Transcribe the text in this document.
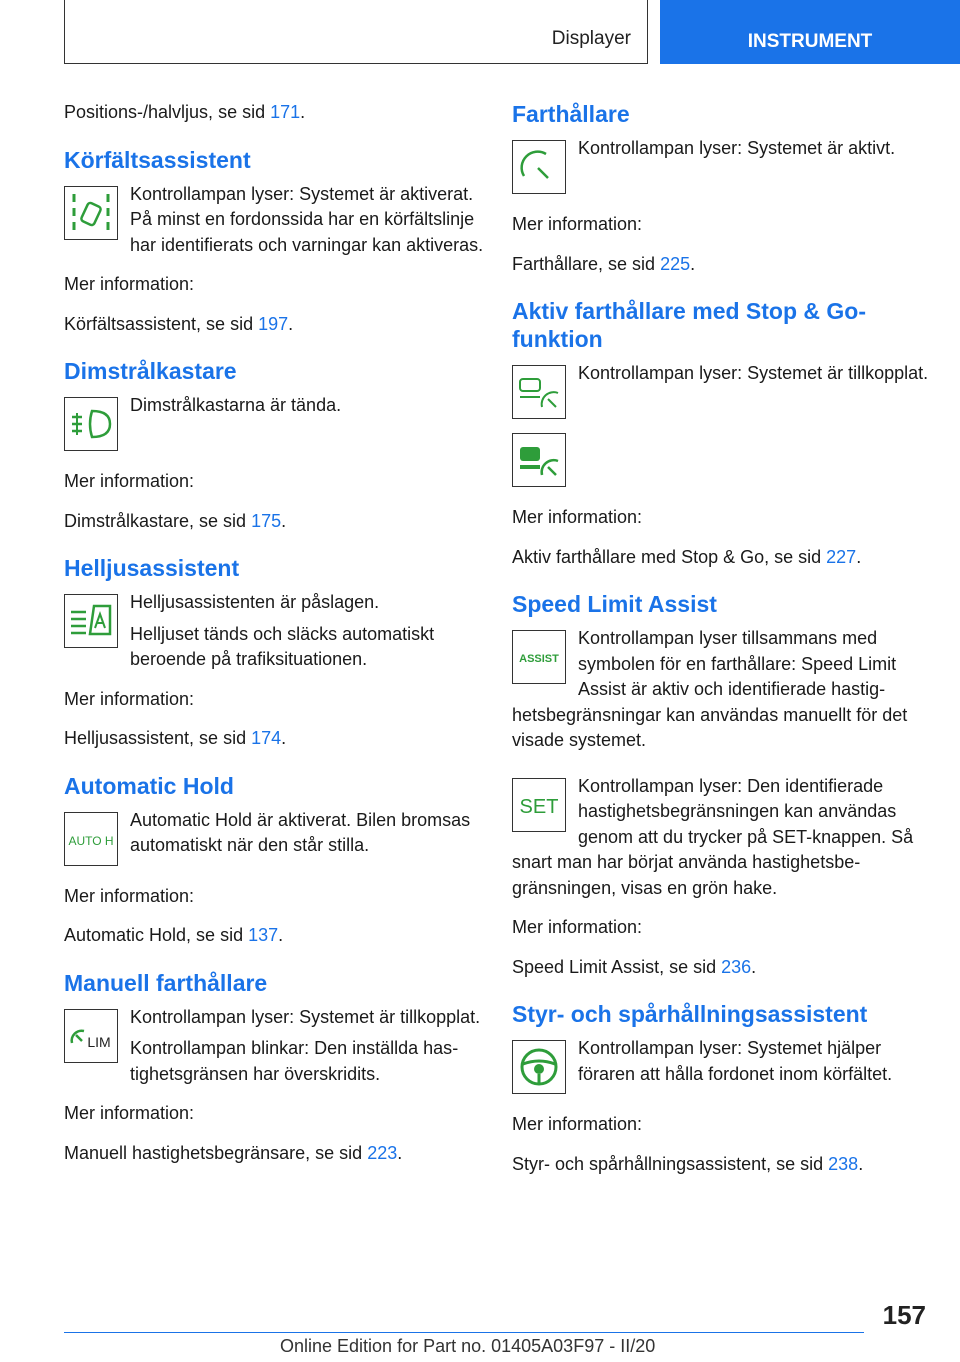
Displayer	INSTRUMENT

Positions-/halvljus, se sid 171.

Körfältsassistent

Kontrollampan lyser: Systemet är aktiverat. På minst en fordonssida har en körfältslinje har identifierats och varningar kan aktiveras.

Mer information:

Körfältsassistent, se sid 197.

Dimstrålkastare

Dimstrålkastarna är tända.

Mer information:

Dimstrålkastare, se sid 175.

Helljusassistent

Helljusassistenten är påslagen.

Helljuset tänds och släcks automatiskt beroende på trafiksituationen.

Mer information:

Helljusassistent, se sid 174.

Automatic Hold
AUTO H

Automatic Hold är aktiverat. Bilen bromsas automatiskt när den står stilla.

Mer information:

Automatic Hold, se sid 137.

Manuell farthållare
LIM

Kontrollampan lyser: Systemet är tillkopplat.

Kontrollampan blinkar: Den inställda hastighetsgränsen har överskridits.

Mer information:

Manuell hastighetsbegränsare, se sid 223.

Farthållare

Kontrollampan lyser: Systemet är aktivt.

Mer information:

Farthållare, se sid 225.

Aktiv farthållare med Stop & Go-funktion

Kontrollampan lyser: Systemet är tillkopplat.

Mer information:

Aktiv farthållare med Stop & Go, se sid 227.

Speed Limit Assist
ASSIST

Kontrollampan lyser tillsammans med symbolen för en farthållare: Speed Limit Assist är aktiv och identifierade hastighetsbegränsningar kan användas manuellt för det visade systemet.

SET

Kontrollampan lyser: Den identifierade hastighetsbegränsningen kan användas genom att du trycker på SET-knappen. Så snart man har börjat använda hastighetsbegränsningen, visas en grön hake.

Mer information:

Speed Limit Assist, se sid 236.

Styr- och spårhållningsassistent

Kontrollampan lyser: Systemet hjälper föraren att hålla fordonet inom körfältet.

Mer information:

Styr- och spårhållningsassistent, se sid 238.

157
Online Edition for Part no. 01405A03F97 - II/20
